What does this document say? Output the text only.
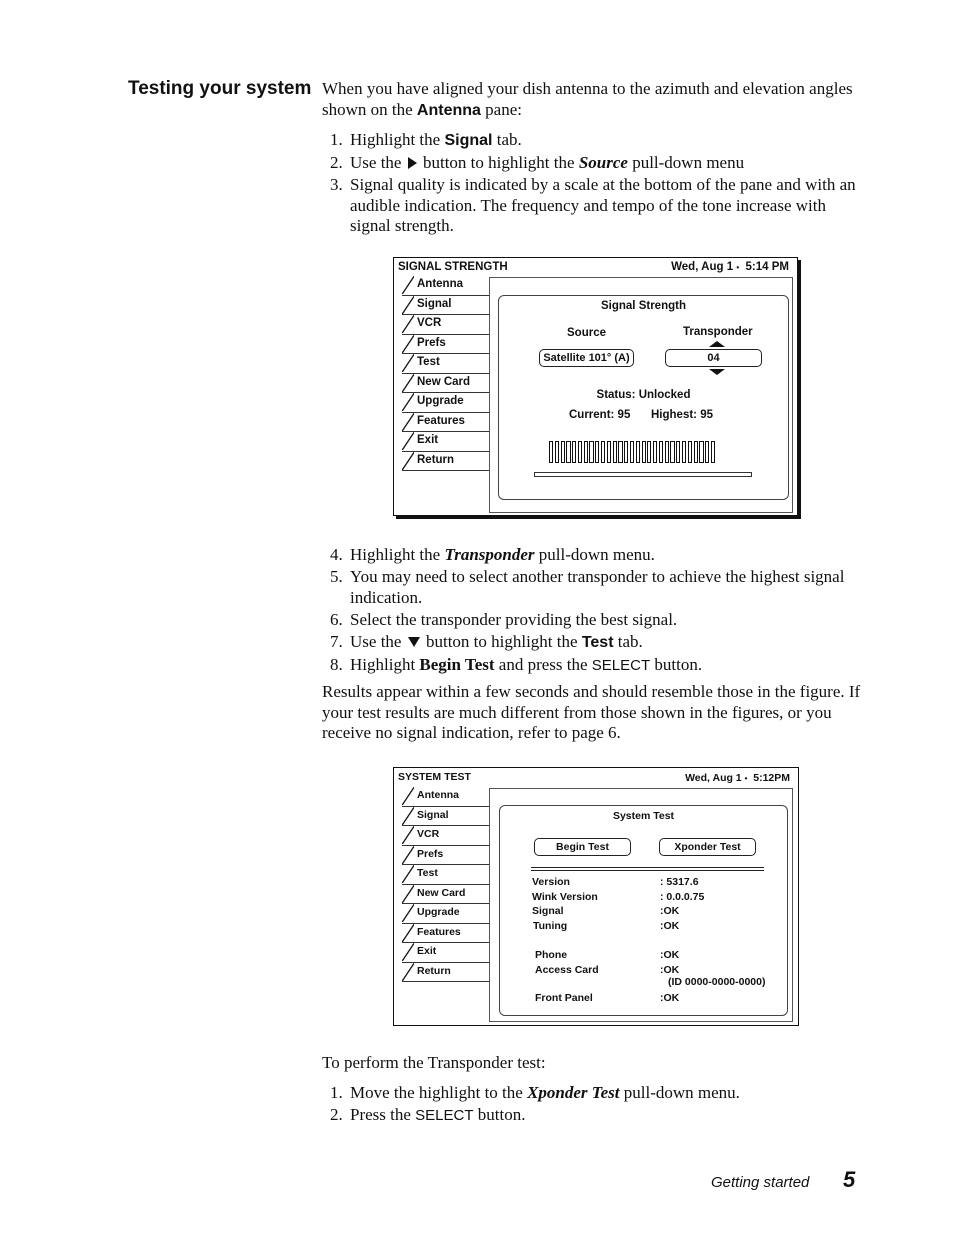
Testing your system When you have aligned your dish antenna to the azimuth and elevation angles shown on the Antenna pane:
1. Highlight the Signal tab.
2. Use the  button to highlight the Source pull-down menu
3. Signal quality is indicated by a scale at the bottom of the pane and with an audible indication. The frequency and tempo of the tone increase with signal strength.
SIGNAL STRENGTH	Wed, Aug 1 • 5:14 PM
Antenna
Signal
VCR
Prefs
Test
New Card
Upgrade
Features
Exit
Return
Signal Strength
Source	Transponder
Satellite 101° (A)	04
Status: Unlocked
Current: 95 Highest: 95
4. Highlight the Transponder pull-down menu.
5. You may need to select another transponder to achieve the highest signal indication.
6. Select the transponder providing the best signal.
7. Use the  button to highlight the Test tab.
8. Highlight Begin Test and press the SELECT button.
Results appear within a few seconds and should resemble those in the figure. If your test results are much different from those shown in the figures, or you receive no signal indication, refer to page 6.
SYSTEM TEST	Wed, Aug 1 • 5:12PM
Antenna
Signal
VCR
Prefs
Test
New Card
Upgrade
Features
Exit
Return
System Test
Begin Test	Xponder Test
Version	: 5317.6
Wink Version	: 0.0.0.75
Signal	:OK
Tuning	:OK
Phone	:OK
Access Card	:OK
(ID 0000-0000-0000)
Front Panel	:OK
To perform the Transponder test:
1. Move the highlight to the Xponder Test pull-down menu.
2. Press the SELECT button.
Getting started 5
